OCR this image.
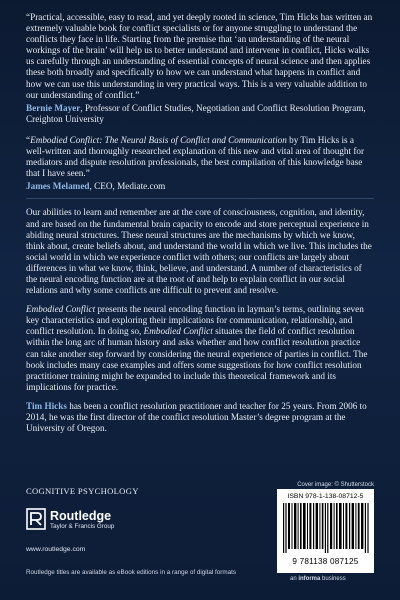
“Practical, accessible, easy to read, and yet deeply rooted in science, Tim Hicks has written an extremely valuable book for conflict specialists or for anyone struggling to understand the conflicts they face in life. Starting from the premise that ‘an understanding of the neural workings of the brain’ will help us to better understand and intervene in conflict, Hicks walks us carefully through an understanding of essential concepts of neural science and then applies these both broadly and specifically to how we can understand what happens in conflict and how we can use this understanding in very practical ways. This is a very valuable addition to our understanding of conflict.”

Bernie Mayer, Professor of Conflict Studies, Negotiation and Conflict Resolution Program, Creighton University

“Embodied Conflict: The Neural Basis of Conflict and Communication by Tim Hicks is a well-written and thoroughly researched explanation of this new and vital area of thought for mediators and dispute resolution professionals, the best compilation of this knowledge base that I have seen.”

James Melamed, CEO, Mediate.com

Our abilities to learn and remember are at the core of consciousness, cognition, and identity, and are based on the fundamental brain capacity to encode and store perceptual experience in abiding neural structures. These neural structures are the mechanisms by which we know, think about, create beliefs about, and understand the world in which we live. This includes the social world in which we experience conflict with others; our conflicts are largely about differences in what we know, think, believe, and understand. A number of characteristics of the neural encoding function are at the root of and help to explain conflict in our social relations and why some conflicts are difficult to prevent and resolve.

Embodied Conflict presents the neural encoding function in layman’s terms, outlining seven key characteristics and exploring their implications for communication, relationship, and conflict resolution. In doing so, Embodied Conflict situates the field of conflict resolution within the long arc of human history and asks whether and how conflict resolution practice can take another step forward by considering the neural experience of parties in conflict. The book includes many case examples and offers some suggestions for how conflict resolution practitioner training might be expanded to include this theoretical framework and its implications for practice.

Tim Hicks has been a conflict resolution practitioner and teacher for 25 years. From 2006 to 2014, he was the first director of the conflict resolution Master’s degree program at the University of Oregon.

COGNITIVE PSYCHOLOGY
Cover image: © Shutterstock
Routledge
Taylor & Francis Group
www.routledge.com
Routledge titles are available as eBook editions in a range of digital formats
ISBN 978-1-138-08712-5
9 781138 087125
an informa business
